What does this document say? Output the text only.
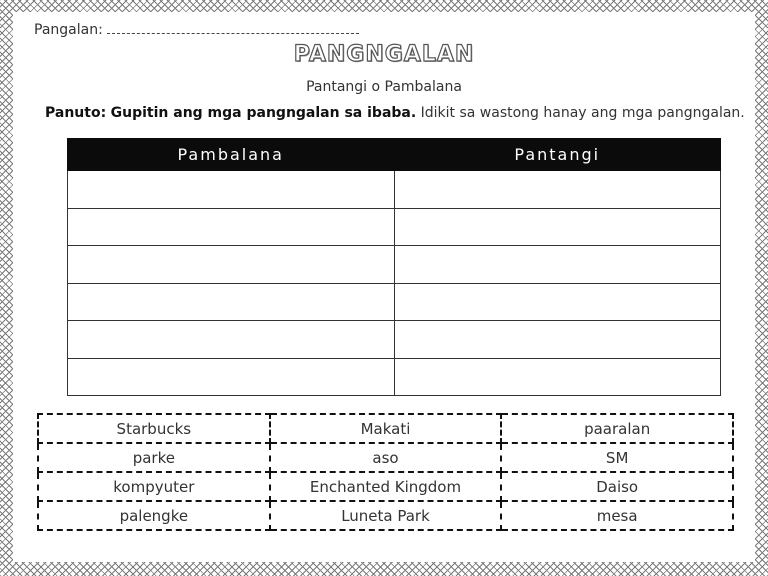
Pangalan:
PANGNGALAN
Pantangi o Pambalana
Panuto: Gupitin ang mga pangngalan sa ibaba. Idikit sa wastong hanay ang mga pangngalan.
Pambalana	Pantangi

Starbucks	Makati	paaralan
parke	aso	SM
kompyuter	Enchanted Kingdom	Daiso
palengke	Luneta Park	mesa
